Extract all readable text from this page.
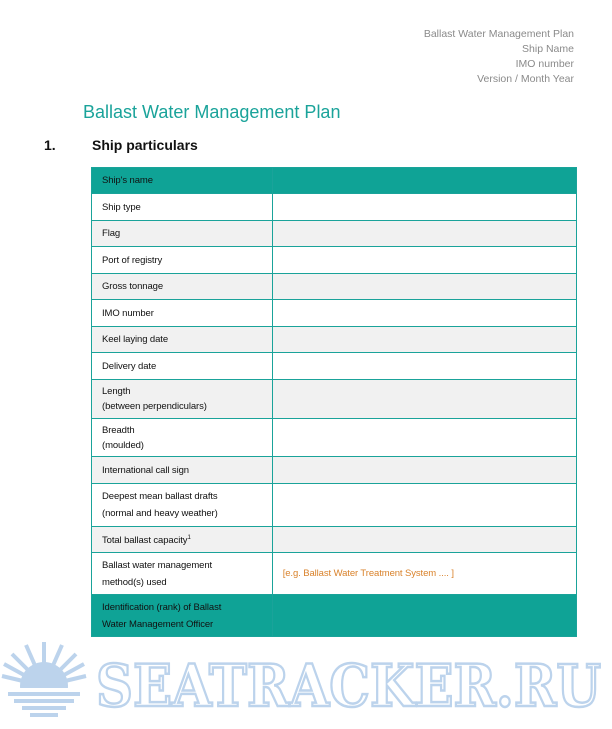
Ballast Water Management Plan
Ship Name
IMO number
Version / Month Year
Ballast Water Management Plan
1.	Ship particulars
Ship's name	
Ship type	
Flag	
Port of registry	
Gross tonnage	
IMO number	
Keel laying date	
Delivery date	

Length
(between perpendiculars)	

Breadth
(moulded)	

International call sign	

Deepest mean ballast drafts
(normal and heavy weather)	

Total ballast capacity$^1$	

Ballast water management
method(s) used	[e.g. Ballast Water Treatment System .... ]

Identification (rank) of Ballast
Water Management Officer	

SEATRACKER.RU
